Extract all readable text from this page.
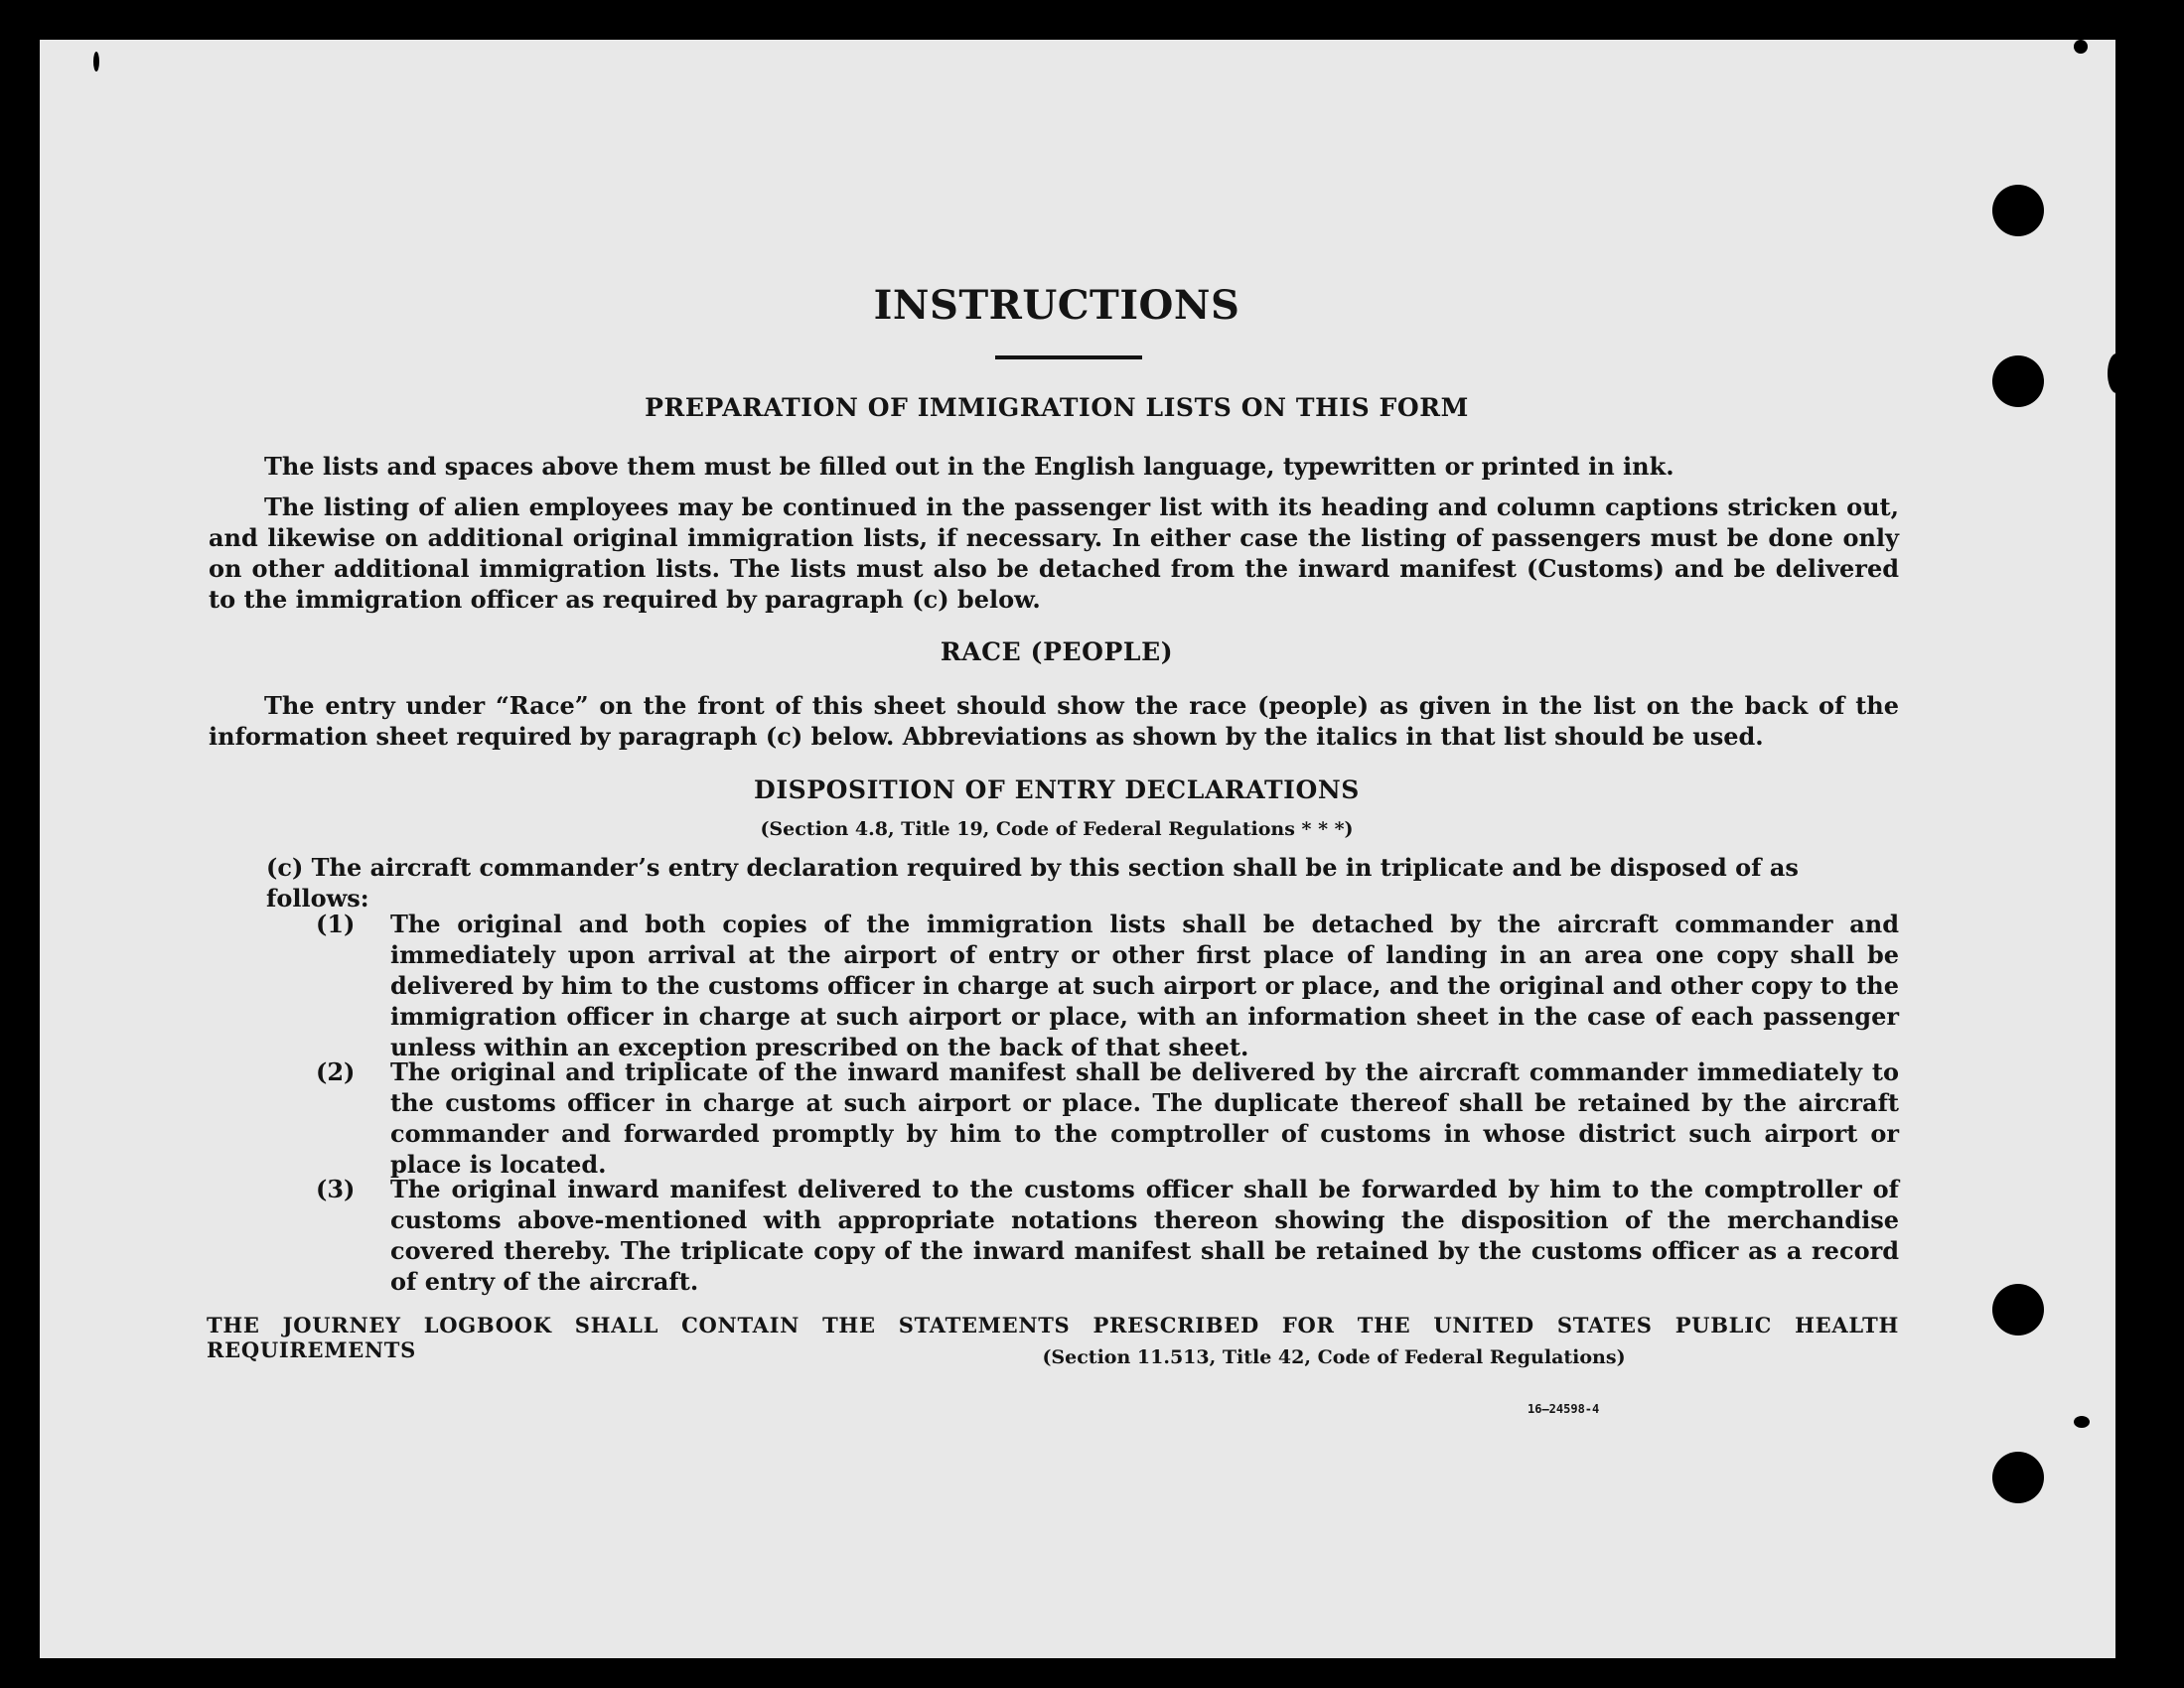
INSTRUCTIONS
PREPARATION OF IMMIGRATION LISTS ON THIS FORM

The lists and spaces above them must be filled out in the English language, typewritten or printed in ink.

The listing of alien employees may be continued in the passenger list with its heading and column captions stricken out, and likewise on additional original immigration lists, if necessary. In either case the listing of passengers must be done only on other additional immigration lists. The lists must also be detached from the inward manifest (Customs) and be delivered to the immigration officer as required by paragraph (c) below.

RACE (PEOPLE)

The entry under “Race” on the front of this sheet should show the race (people) as given in the list on the back of the information sheet required by paragraph (c) below. Abbreviations as shown by the italics in that list should be used.

DISPOSITION OF ENTRY DECLARATIONS

(Section 4.8, Title 19, Code of Federal Regulations * * *)

(c) The aircraft commander’s entry declaration required by this section shall be in triplicate and be disposed of as follows:

(1) The original and both copies of the immigration lists shall be detached by the aircraft commander and immediately upon arrival at the airport of entry or other first place of landing in an area one copy shall be delivered by him to the customs officer in charge at such airport or place, and the original and other copy to the immigration officer in charge at such airport or place, with an information sheet in the case of each passenger unless within an exception prescribed on the back of that sheet.
(2) The original and triplicate of the inward manifest shall be delivered by the aircraft commander immediately to the customs officer in charge at such airport or place. The duplicate thereof shall be retained by the aircraft commander and forwarded promptly by him to the comptroller of customs in whose district such airport or place is located.
(3) The original inward manifest delivered to the customs officer shall be forwarded by him to the comptroller of customs above-mentioned with appropriate notations thereon showing the disposition of the merchandise covered thereby. The triplicate copy of the inward manifest shall be retained by the customs officer as a record of entry of the aircraft.

THE JOURNEY LOGBOOK SHALL CONTAIN THE STATEMENTS PRESCRIBED FOR THE UNITED STATES PUBLIC HEALTH REQUIREMENTS	(Section 11.513, Title 42, Code of Federal Regulations)

16—24598-4
